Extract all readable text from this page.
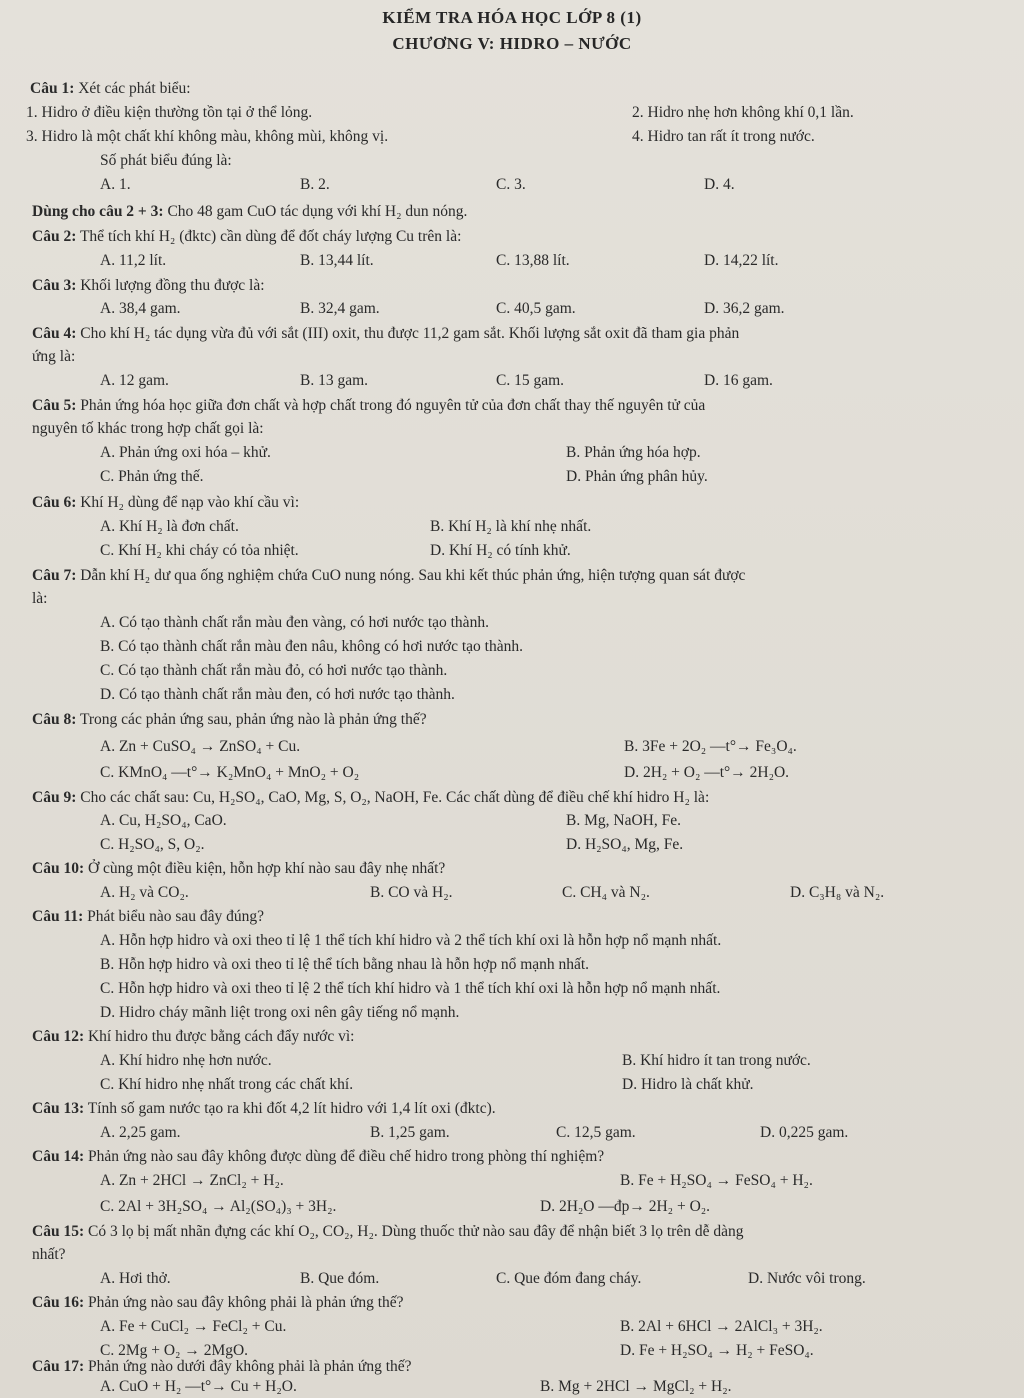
KIỂM TRA HÓA HỌC LỚP 8 (1)
CHƯƠNG V: HIDRO – NƯỚC
Câu 1: Xét các phát biểu:
1. Hidro ở điều kiện thường tồn tại ở thể lỏng.	2. Hidro nhẹ hơn không khí 0,1 lần.
3. Hidro là một chất khí không màu, không mùi, không vị.	4. Hidro tan rất ít trong nước.
Số phát biểu đúng là:
A. 1.	B. 2.	C. 3.	D. 4.
Dùng cho câu 2 + 3: Cho 48 gam CuO tác dụng với khí H₂ dun nóng.
Câu 2: Thể tích khí H₂ (đktc) cần dùng để đốt cháy lượng Cu trên là:
A. 11,2 lít.	B. 13,44 lít.	C. 13,88 lít.	D. 14,22 lít.
Câu 3: Khối lượng đồng thu được là:
A. 38,4 gam.	B. 32,4 gam.	C. 40,5 gam.	D. 36,2 gam.
Câu 4: Cho khí H₂ tác dụng vừa đủ với sắt (III) oxit, thu được 11,2 gam sắt. Khối lượng sắt oxit đã tham gia phản
ứng là:
A. 12 gam.	B. 13 gam.	C. 15 gam.	D. 16 gam.
Câu 5: Phản ứng hóa học giữa đơn chất và hợp chất trong đó nguyên tử của đơn chất thay thế nguyên tử của
nguyên tố khác trong hợp chất gọi là:
A. Phản ứng oxi hóa – khử.	B. Phản ứng hóa hợp.
C. Phản ứng thế.	D. Phản ứng phân hủy.
Câu 6: Khí H₂ dùng để nạp vào khí cầu vì:
A. Khí H₂ là đơn chất.	B. Khí H₂ là khí nhẹ nhất.
C. Khí H₂ khi cháy có tỏa nhiệt.	D. Khí H₂ có tính khử.
Câu 7: Dẫn khí H₂ dư qua ống nghiệm chứa CuO nung nóng. Sau khi kết thúc phản ứng, hiện tượng quan sát được
là:
A. Có tạo thành chất rắn màu đen vàng, có hơi nước tạo thành.
B. Có tạo thành chất rắn màu đen nâu, không có hơi nước tạo thành.
C. Có tạo thành chất rắn màu đỏ, có hơi nước tạo thành.
D. Có tạo thành chất rắn màu đen, có hơi nước tạo thành.
Câu 8: Trong các phản ứng sau, phản ứng nào là phản ứng thế?
A. Zn + CuSO₄ → ZnSO₄ + Cu.	B. 3Fe + 2O₂ —t°→ Fe₃O₄.
C. KMnO₄ —t°→ K₂MnO₄ + MnO₂ + O₂	D. 2H₂ + O₂ —t°→ 2H₂O.
Câu 9: Cho các chất sau: Cu, H₂SO₄, CaO, Mg, S, O₂, NaOH, Fe. Các chất dùng để điều chế khí hidro H₂ là:
A. Cu, H₂SO₄, CaO.	B. Mg, NaOH, Fe.
C. H₂SO₄, S, O₂.	D. H₂SO₄, Mg, Fe.
Câu 10: Ở cùng một điều kiện, hỗn hợp khí nào sau đây nhẹ nhất?
A. H₂ và CO₂.	B. CO và H₂.	C. CH₄ và N₂.	D. C₃H₈ và N₂.
Câu 11: Phát biểu nào sau đây đúng?
A. Hỗn hợp hidro và oxi theo tỉ lệ 1 thể tích khí hidro và 2 thể tích khí oxi là hỗn hợp nổ mạnh nhất.
B. Hỗn hợp hidro và oxi theo tỉ lệ thể tích bằng nhau là hỗn hợp nổ mạnh nhất.
C. Hỗn hợp hidro và oxi theo tỉ lệ 2 thể tích khí hidro và 1 thể tích khí oxi là hỗn hợp nổ mạnh nhất.
D. Hidro cháy mãnh liệt trong oxi nên gây tiếng nổ mạnh.
Câu 12: Khí hidro thu được bằng cách đẩy nước vì:
A. Khí hidro nhẹ hơn nước.	B. Khí hidro ít tan trong nước.
C. Khí hidro nhẹ nhất trong các chất khí.	D. Hidro là chất khử.
Câu 13: Tính số gam nước tạo ra khi đốt 4,2 lít hidro với 1,4 lít oxi (đktc).
A. 2,25 gam.	B. 1,25 gam.	C. 12,5 gam.	D. 0,225 gam.
Câu 14: Phản ứng nào sau đây không được dùng để điều chế hidro trong phòng thí nghiệm?
A. Zn + 2HCl → ZnCl₂ + H₂.	B. Fe + H₂SO₄ → FeSO₄ + H₂.
C. 2Al + 3H₂SO₄ → Al₂(SO₄)₃ + 3H₂.	D. 2H₂O —đp→ 2H₂ + O₂.
Câu 15: Có 3 lọ bị mất nhãn đựng các khí O₂, CO₂, H₂. Dùng thuốc thử nào sau đây để nhận biết 3 lọ trên dễ dàng
nhất?
A. Hơi thở.	B. Que đóm.	C. Que đóm đang cháy.	D. Nước vôi trong.
Câu 16: Phản ứng nào sau đây không phải là phản ứng thế?
A. Fe + CuCl₂ → FeCl₂ + Cu.	B. 2Al + 6HCl → 2AlCl₃ + 3H₂.
C. 2Mg + O₂ → 2MgO.	D. Fe + H₂SO₄ → H₂ + FeSO₄.
Câu 17: Phản ứng nào dưới đây không phải là phản ứng thế?
A. CuO + H₂ —t°→ Cu + H₂O.	B. Mg + 2HCl → MgCl₂ + H₂.
